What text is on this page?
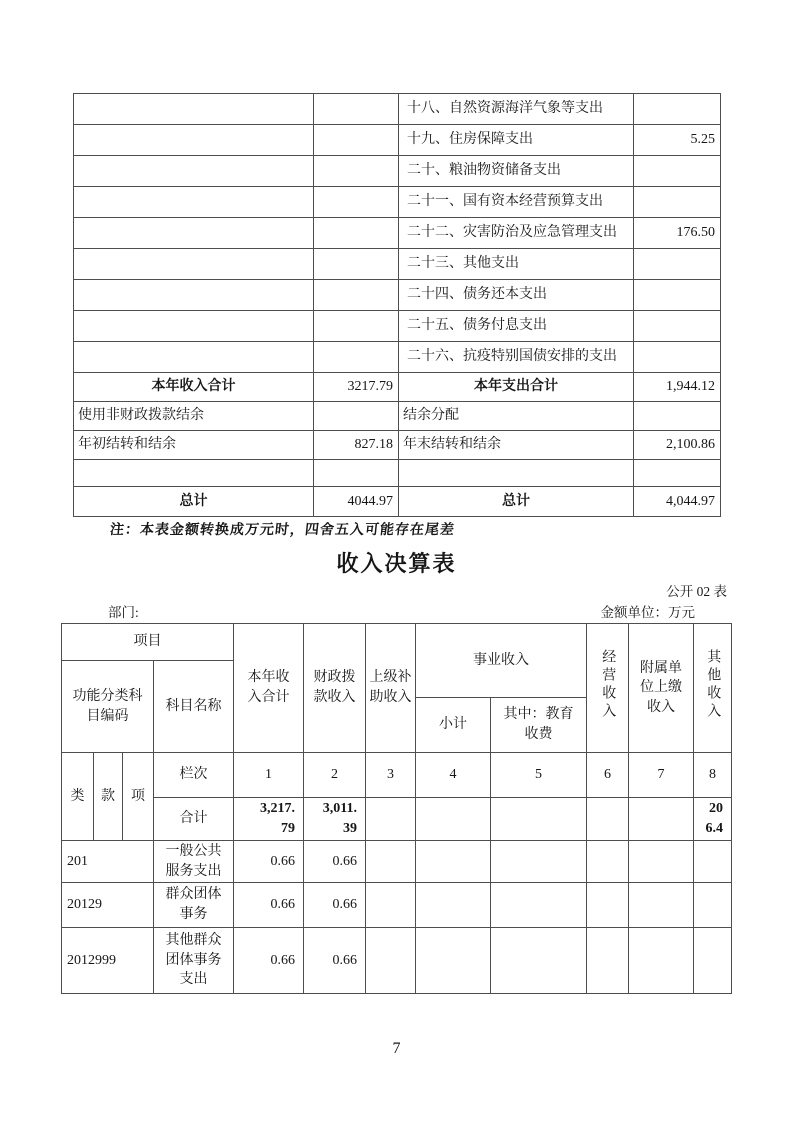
		十八、自然资源海洋气象等支出	
		十九、住房保障支出	5.25
		二十、粮油物资储备支出	
		二十一、国有资本经营预算支出	
		二十二、灾害防治及应急管理支出	176.50
		二十三、其他支出	
		二十四、债务还本支出	
		二十五、债务付息支出	
		二十六、抗疫特别国债安排的支出	
本年收入合计	3217.79	本年支出合计	1,944.12
使用非财政拨款结余		结余分配	
年初结转和结余	827.18	年末结转和结余	2,100.86

总计	4044.97	总计	4,044.97
注：本表金额转换成万元时，四舍五入可能存在尾差
收入决算表
公开 02 表
部门:	金额单位：万元
项目				本年收入合计	财政拨款收入	上级补助收入	事业收入		经营收入	附属单位上缴收入	其他收入
功能分类科目编码			科目名称								
							小计	其中：教育收费			
类	款	项	栏次	1	2	3	4	5	6	7	8
			合计	3,217.79	3,011.39						206.4
201			一般公共服务支出	0.66	0.66						
20129			群众团体事务	0.66	0.66						
2012999			其他群众团体事务支出	0.66	0.66						
7
